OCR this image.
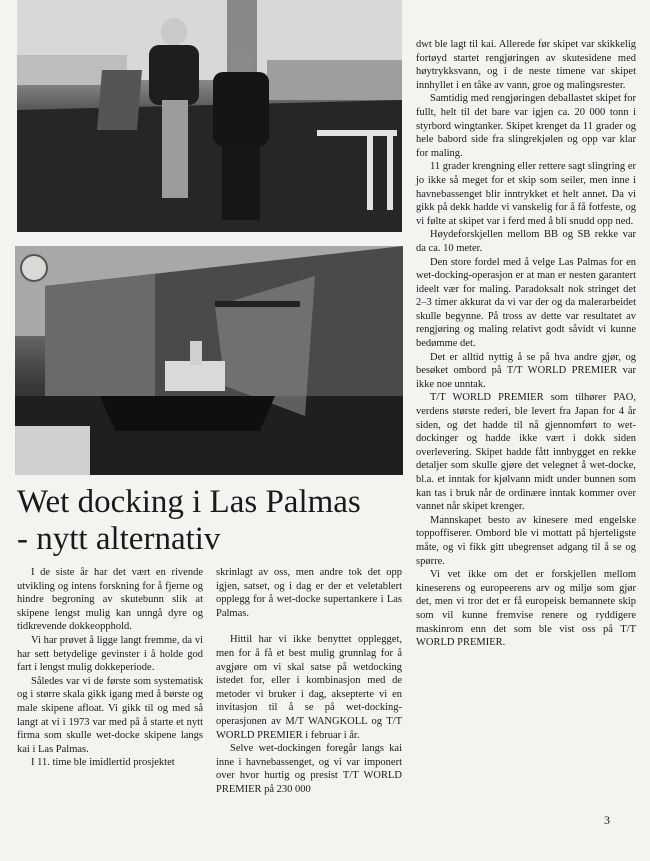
Wet docking i Las Palmas
- nytt alternativ

I de siste år har det vært en rivende utvikling og intens forskning for å fjerne og hindre begroning av skutebunn slik at skipene lengst mulig kan unngå dyre og tidkrevende dokkeopphold.

Vi har prøvet å ligge langt fremme, da vi har sett betydelige gevinster i å holde god fart i lengst mulig dokkeperiode.

Således var vi de første som systematisk og i større skala gikk igang med å børste og male skipene afloat. Vi gikk til og med så langt at vi i 1973 var med på å starte et nytt firma som skulle wet-docke skipene langs kai i Las Palmas.

I 11. time ble imidlertid prosjektet

skrinlagt av oss, men andre tok det opp igjen, satset, og i dag er der et veletablert opplegg for å wet-docke supertankere i Las Palmas.

Hittil har vi ikke benyttet opplegget, men for å få et best mulig grunnlag for å avgjøre om vi skal satse på wetdocking istedet for, eller i kombinasjon med de metoder vi bruker i dag, aksepterte vi en invitasjon til å se på wet-docking-operasjonen av M/T WANGKOLL og T/T WORLD PREMIER i februar i år.

Selve wet-dockingen foregår langs kai inne i havnebassenget, og vi var imponert over hvor hurtig og presist T/T WORLD PREMIER på 230 000

dwt ble lagt til kai. Allerede før skipet var skikkelig fortøyd startet rengjøringen av skutesidene med høytrykksvann, og i de neste timene var skipet innhyllet i en tåke av vann, groe og malingsrester.

Samtidig med rengjøringen deballastet skipet for fullt, helt til det bare var igjen ca. 20 000 tonn i styrbord wingtanker. Skipet krenget da 11 grader og hele babord side fra slingrekjølen og opp var klar for maling.

11 grader krengning eller rettere sagt slingring er jo ikke så meget for et skip som seiler, men inne i havnebassenget blir inntrykket et helt annet. Da vi gikk på dekk hadde vi vanskelig for å få fotfeste, og vi følte at skipet var i ferd med å bli snudd opp ned.

Høydeforskjellen mellom BB og SB rekke var da ca. 10 meter.

Den store fordel med å velge Las Palmas for en wet-docking-operasjon er at man er nesten garantert ideelt vær for maling. Paradoksalt nok stringet det 2–3 timer akkurat da vi var der og da malerarbeidet skulle begynne. På tross av dette var resultatet av rengjøring og maling relativt godt såvidt vi kunne bedømme det.

Det er alltid nyttig å se på hva andre gjør, og besøket ombord på T/T WORLD PREMIER var ikke noe unntak.

T/T WORLD PREMIER som tilhører PAO, verdens største rederi, ble levert fra Japan for 4 år siden, og det hadde til nå gjennomført to wet-dockinger og hadde ikke vært i dokk siden overlevering. Skipet hadde fått innbygget en rekke detaljer som skulle gjøre det velegnet å wet-docke, bl.a. et inntak for kjølvann midt under bunnen som kan tas i bruk når de ordinære inntak kommer over vannet når skipet krenger.

Mannskapet besto av kinesere med engelske toppoffiserer. Ombord ble vi mottatt på hjerteligste måte, og vi fikk gitt ubegrenset adgang til å se og spørre.

Vi vet ikke om det er forskjellen mellom kineserens og europeerens arv og miljø som gjør det, men vi tror det er få europeisk bemannete skip som vil kunne fremvise renere og ryddigere maskinrom enn det som ble vist oss på T/T WORLD PREMIER.

3
